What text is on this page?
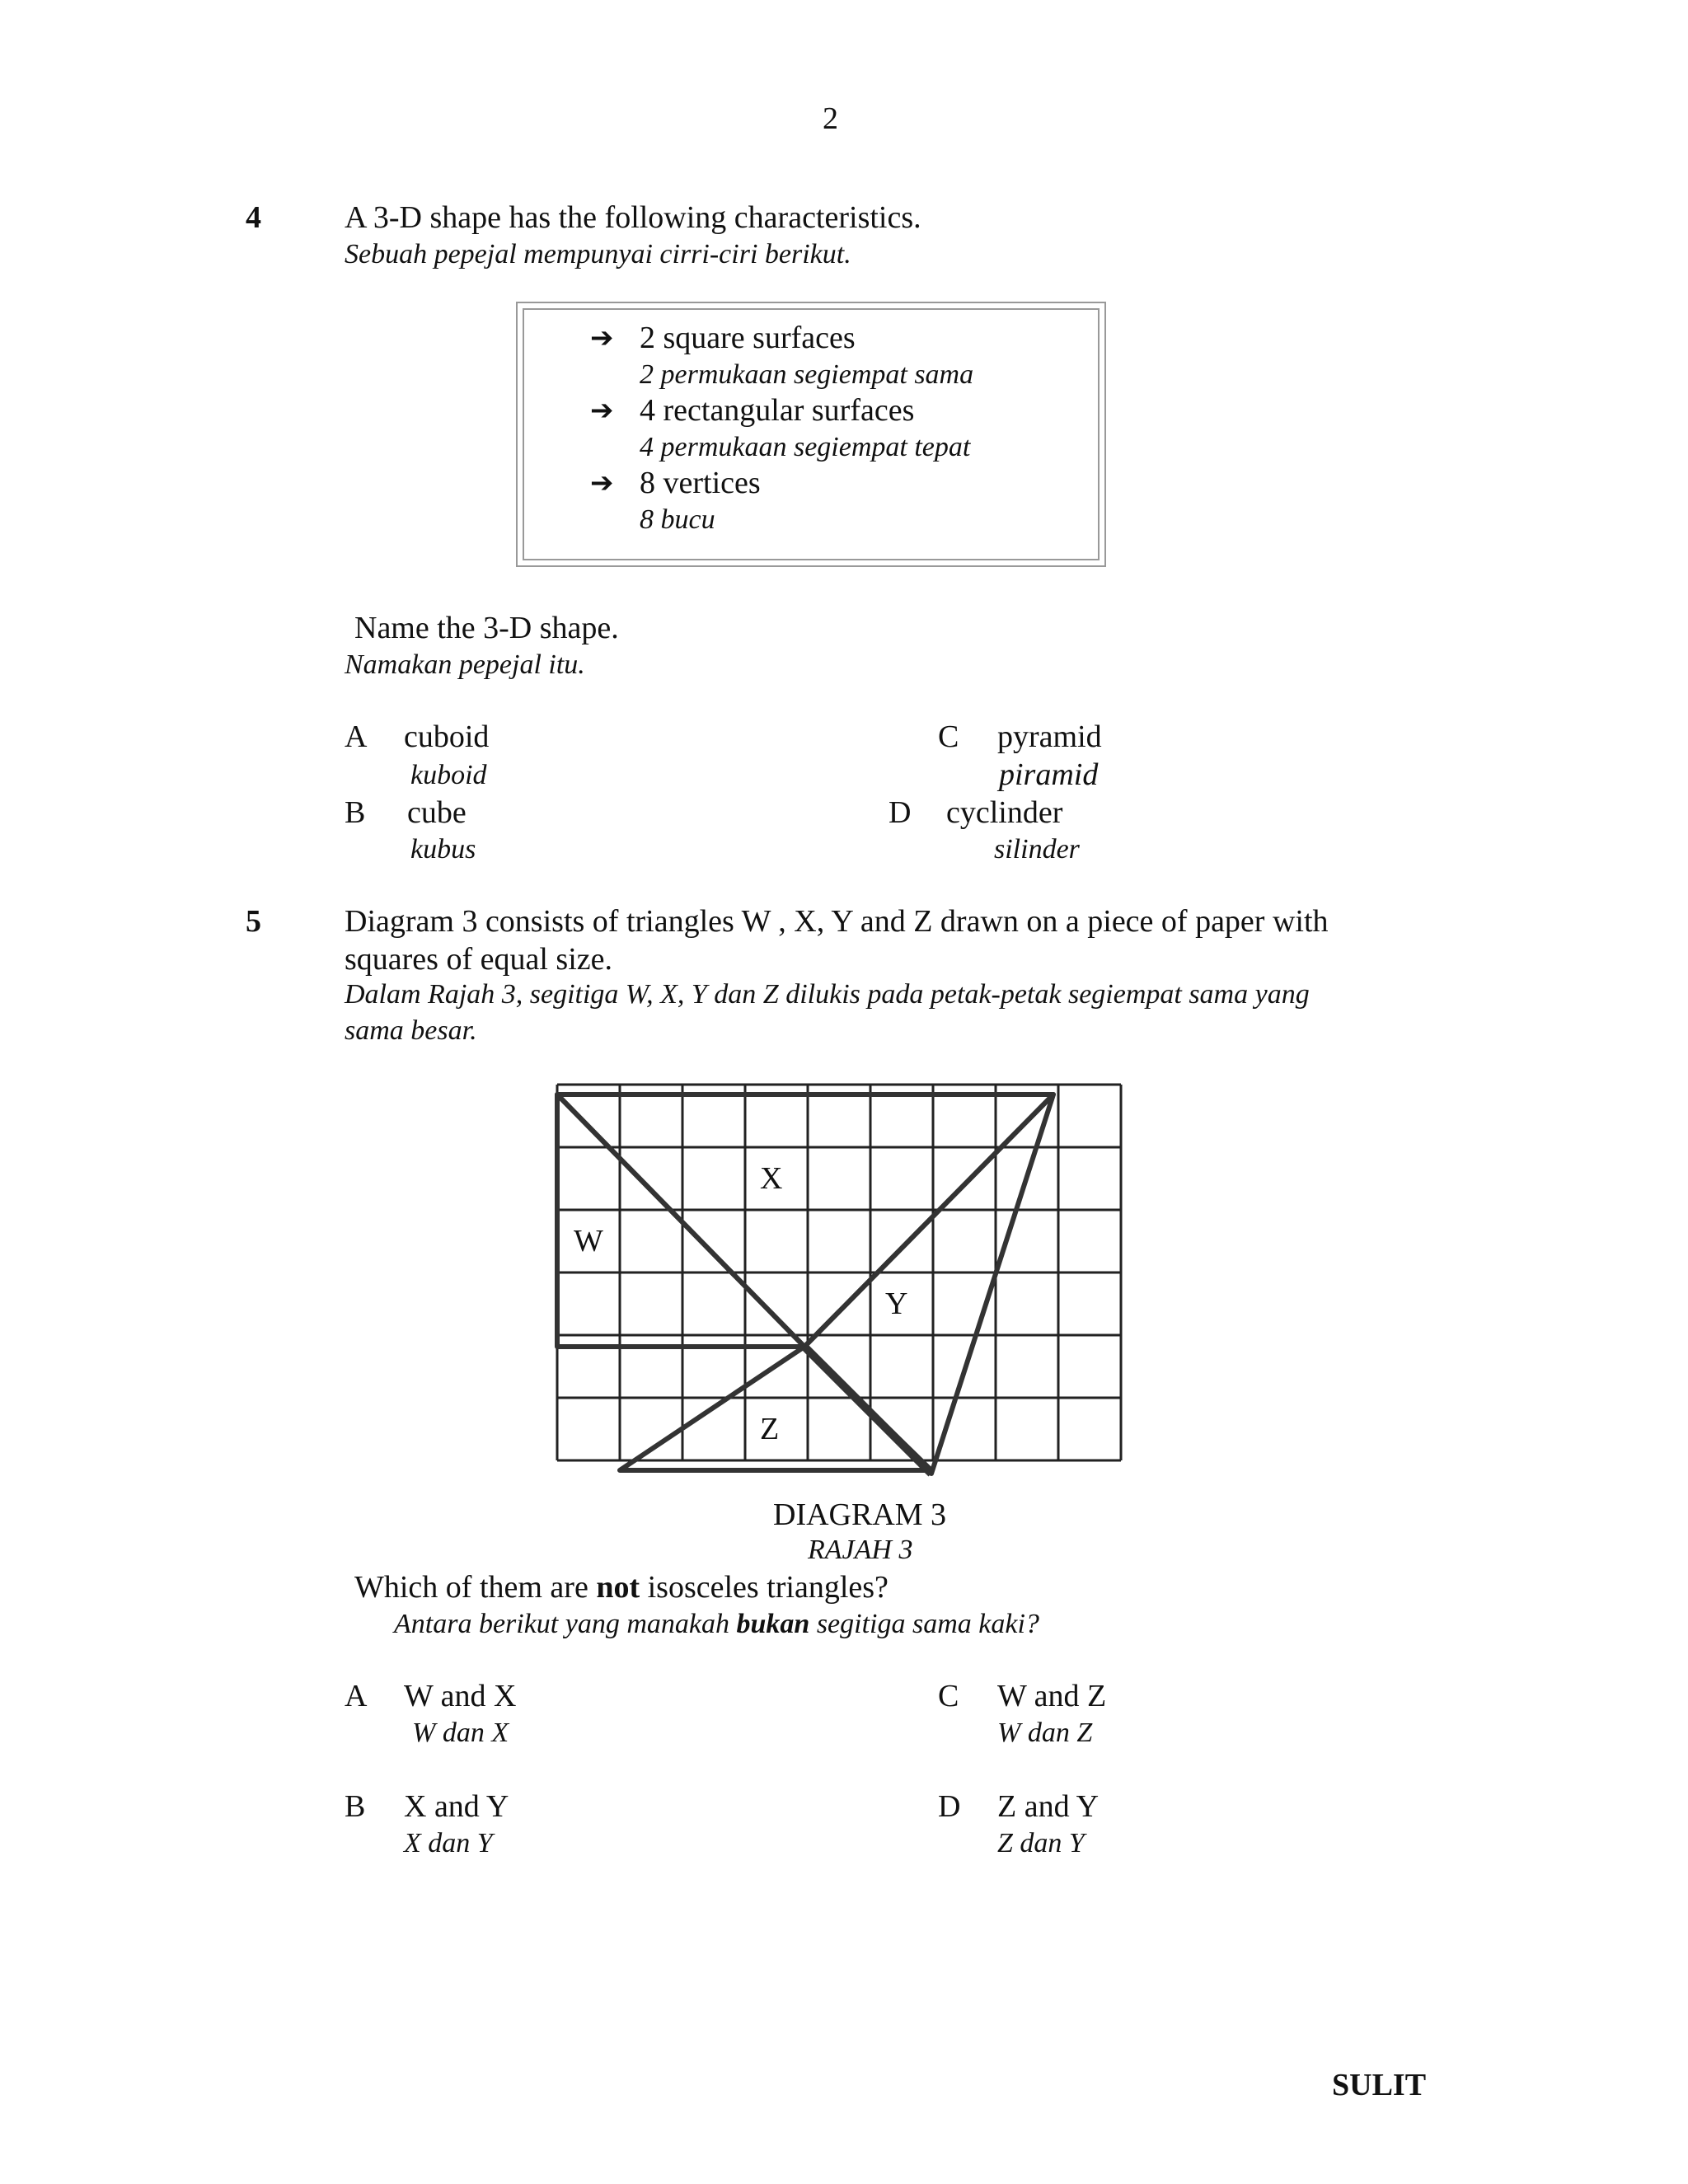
2
4	A 3-D shape has the following characteristics.
Sebuah pepejal mempunyai cirri-ciri berikut.
➔ 2 square surfaces
2 permukaan segiempat sama
➔ 4 rectangular surfaces
4 permukaan segiempat tepat
➔ 8 vertices
8 bucu
Name the 3-D shape.
Namakan pepejal itu.
A cuboid
kuboid
B cube
kubus
C pyramid
piramid
D cyclinder
silinder
5	Diagram 3 consists of triangles W , X, Y and Z drawn on a piece of paper with
squares of equal size.
Dalam Rajah 3, segitiga W, X, Y dan Z dilukis pada petak-petak segiempat sama yang
sama besar.
W
X
Y
Z
DIAGRAM 3
RAJAH 3
Which of them are not isosceles triangles?
Antara berikut yang manakah bukan segitiga sama kaki?
A W and X
W dan X
B X and Y
X dan Y
C W and Z
W dan Z
D Z and Y
Z dan Y
SULIT
